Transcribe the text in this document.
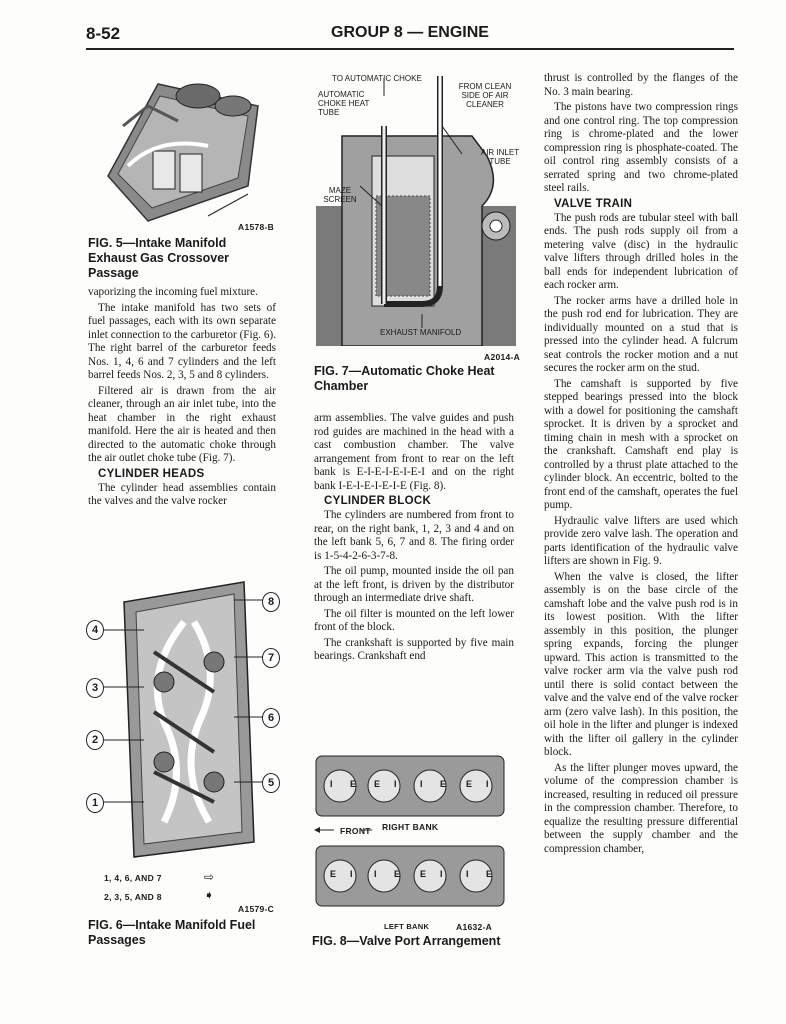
8-52	GROUP 8 — ENGINE
A1578-B
FIG. 5—Intake Manifold Exhaust Gas Crossover Passage

vaporizing the incoming fuel mixture.

The intake manifold has two sets of fuel passages, each with its own separate inlet connection to the carburetor (Fig. 6). The right barrel of the carburetor feeds Nos. 1, 4, 6 and 7 cylinders and the left barrel feeds Nos. 2, 3, 5 and 8 cylinders.

Filtered air is drawn from the air cleaner, through an air inlet tube, into the heat chamber in the right exhaust manifold. Here the air is heated and then directed to the automatic choke through the air outlet choke tube (Fig. 7).

CYLINDER HEADS

The cylinder head assemblies contain the valves and the valve rocker

8
4
7
3
6
2
5
1
1, 4, 6, AND 7	⇨
2, 3, 5, AND 8	➧
A1579-C
FIG. 6—Intake Manifold Fuel Passages
TO AUTOMATIC CHOKE
AUTOMATIC CHOKE HEAT TUBE
FROM CLEAN SIDE OF AIR CLEANER
AIR INLET TUBE
MAZE SCREEN
EXHAUST MANIFOLD
A2014-A
FIG. 7—Automatic Choke Heat Chamber

arm assemblies. The valve guides and push rod guides are machined in the head with a cast combustion chamber. The valve arrangement from front to rear on the left bank is E-I-E-I-E-I-E-I and on the right bank I-E-I-E-I-E-I-E (Fig. 8).

CYLINDER BLOCK

The cylinders are numbered from front to rear, on the right bank, 1, 2, 3 and 4 and on the left bank 5, 6, 7 and 8. The firing order is 1-5-4-2-6-3-7-8.

The oil pump, mounted inside the oil pan at the left front, is driven by the distributor through an intermediate drive shaft.

The oil filter is mounted on the left lower front of the block.

The crankshaft is supported by five main bearings. Crankshaft end

I E E I	I E E I
E I I E E I	I E
FRONT RIGHT BANK
LEFT BANK	A1632-A
FIG. 8—Valve Port Arrangement

thrust is controlled by the flanges of the No. 3 main bearing.

The pistons have two compression rings and one control ring. The top compression ring is chrome-plated and the lower compression ring is phosphate-coated. The oil control ring assembly consists of a serrated spring and two chrome-plated steel rails.

VALVE TRAIN

The push rods are tubular steel with ball ends. The push rods supply oil from a metering valve (disc) in the hydraulic valve lifters through drilled holes in the ball ends for independent lubrication of each rocker arm.

The rocker arms have a drilled hole in the push rod end for lubrication. They are individually mounted on a stud that is pressed into the cylinder head. A fulcrum seat controls the rocker motion and a nut secures the rocker arm on the stud.

The camshaft is supported by five stepped bearings pressed into the block with a dowel for positioning the camshaft sprocket. It is driven by a sprocket and timing chain in mesh with a sprocket on the crankshaft. Camshaft end play is controlled by a thrust plate attached to the cylinder block. An eccentric, bolted to the front end of the camshaft, operates the fuel pump.

Hydraulic valve lifters are used which provide zero valve lash. The operation and parts identification of the hydraulic valve lifters are shown in Fig. 9.

When the valve is closed, the lifter assembly is on the base circle of the camshaft lobe and the valve push rod is in its lowest position. With the lifter assembly in this position, the plunger spring expands, forcing the plunger upward. This action is transmitted to the valve rocker arm via the valve push rod until there is solid contact between the valve and the valve end of the valve rocker arm (zero valve lash). In this position, the oil hole in the lifter and plunger is indexed with the lifter oil gallery in the cylinder block.

As the lifter plunger moves upward, the volume of the compression chamber is increased, resulting in reduced oil pressure in the compression chamber. Therefore, to equalize the resulting pressure differential between the supply chamber and the compression chamber,
